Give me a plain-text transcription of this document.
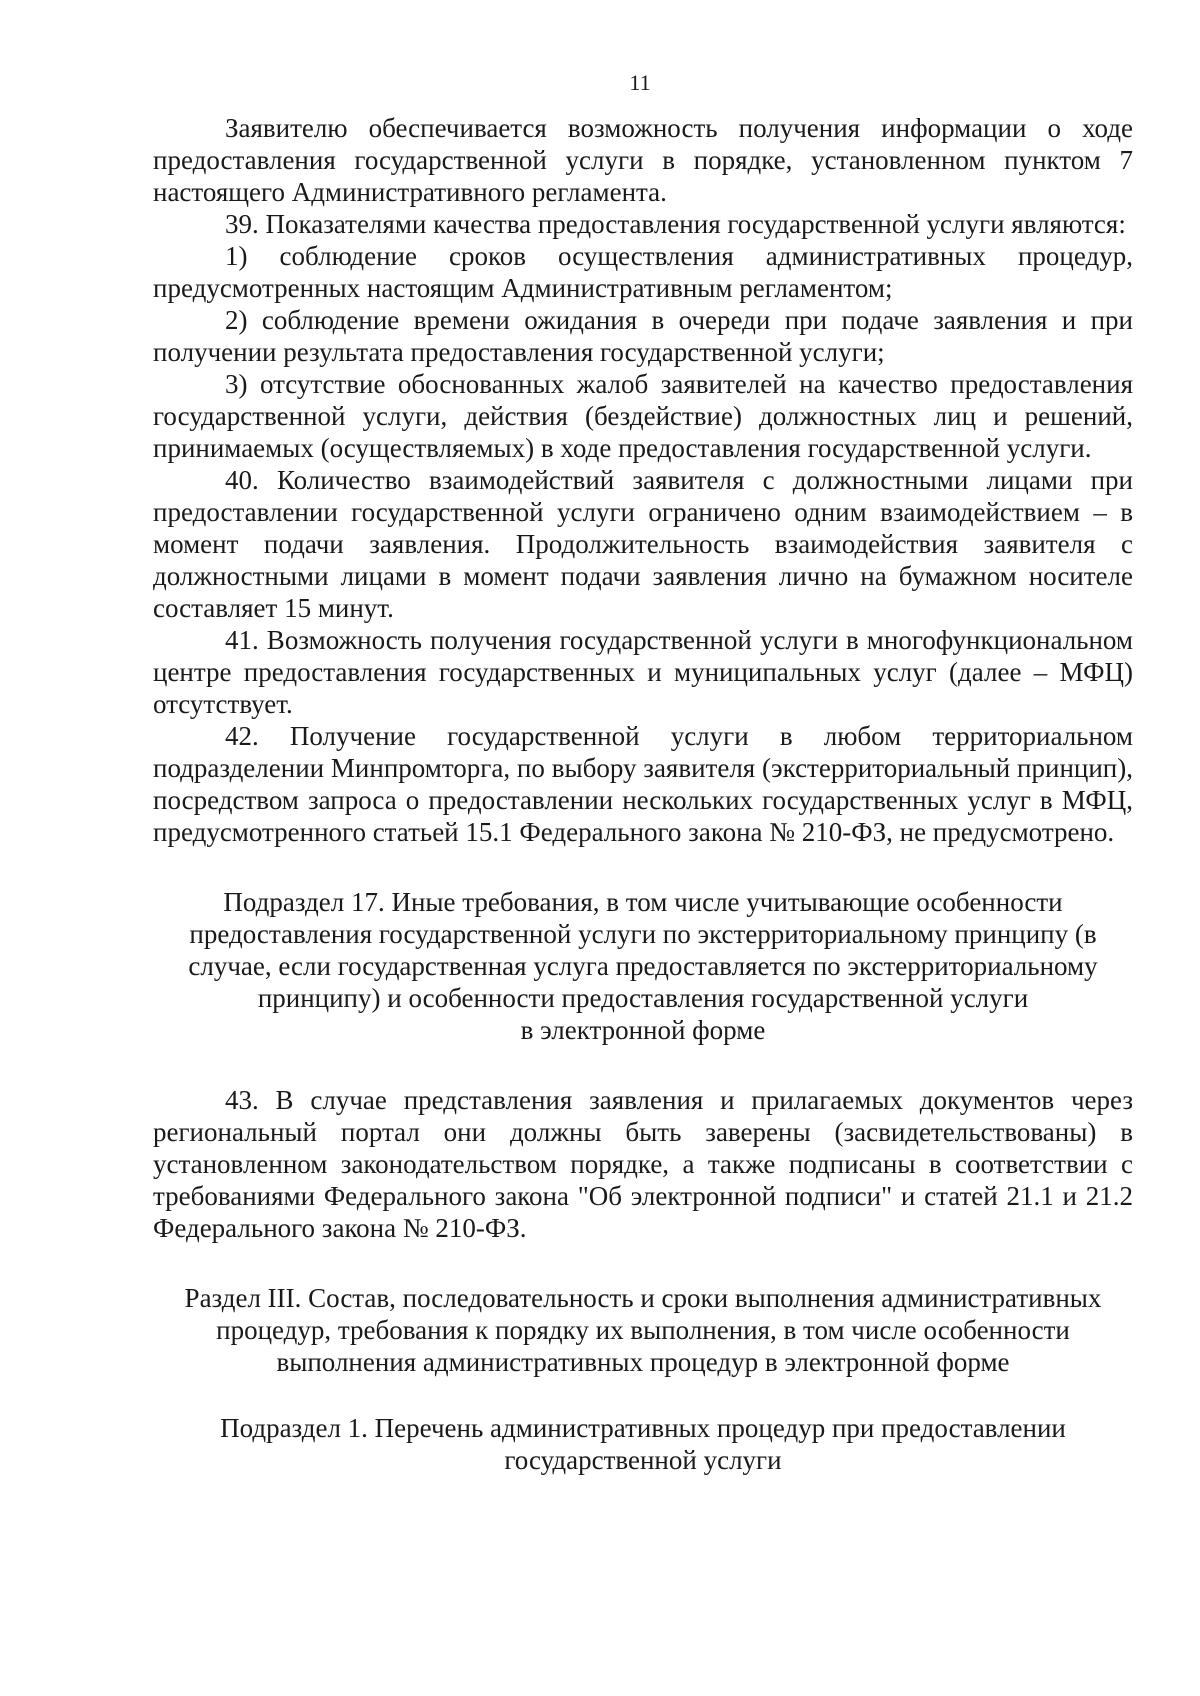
11

Заявителю обеспечивается возможность получения информации о ходе предоставления государственной услуги в порядке, установленном пунктом 7 настоящего Административного регламента.

39. Показателями качества предоставления государственной услуги являются:

1) соблюдение сроков осуществления административных процедур, предусмотренных настоящим Административным регламентом;

2) соблюдение времени ожидания в очереди при подаче заявления и при получении результата предоставления государственной услуги;

3) отсутствие обоснованных жалоб заявителей на качество предоставления государственной услуги, действия (бездействие) должностных лиц и решений, принимаемых (осуществляемых) в ходе предоставления государственной услуги.

40. Количество взаимодействий заявителя с должностными лицами при предоставлении государственной услуги ограничено одним взаимодействием – в момент подачи заявления. Продолжительность взаимодействия заявителя с должностными лицами в момент подачи заявления лично на бумажном носителе составляет 15 минут.

41. Возможность получения государственной услуги в многофункциональном центре предоставления государственных и муниципальных услуг (далее – МФЦ) отсутствует.

42. Получение государственной услуги в любом территориальном подразделении Минпромторга, по выбору заявителя (экстерриториальный принцип), посредством запроса о предоставлении нескольких государственных услуг в МФЦ, предусмотренного статьей 15.1 Федерального закона № 210-ФЗ, не предусмотрено.

Подраздел 17. Иные требования, в том числе учитывающие особенности

предоставления государственной услуги по экстерриториальному принципу (в

случае, если государственная услуга предоставляется по экстерриториальному

принципу) и особенности предоставления государственной услуги

в электронной форме

43. В случае представления заявления и прилагаемых документов через региональный портал они должны быть заверены (засвидетельствованы) в установленном законодательством порядке, а также подписаны в соответствии с требованиями Федерального закона "Об электронной подписи" и статей 21.1 и 21.2 Федерального закона № 210-ФЗ.

Раздел III. Состав, последовательность и сроки выполнения административных

процедур, требования к порядку их выполнения, в том числе особенности

выполнения административных процедур в электронной форме

Подраздел 1. Перечень административных процедур при предоставлении

государственной услуги
